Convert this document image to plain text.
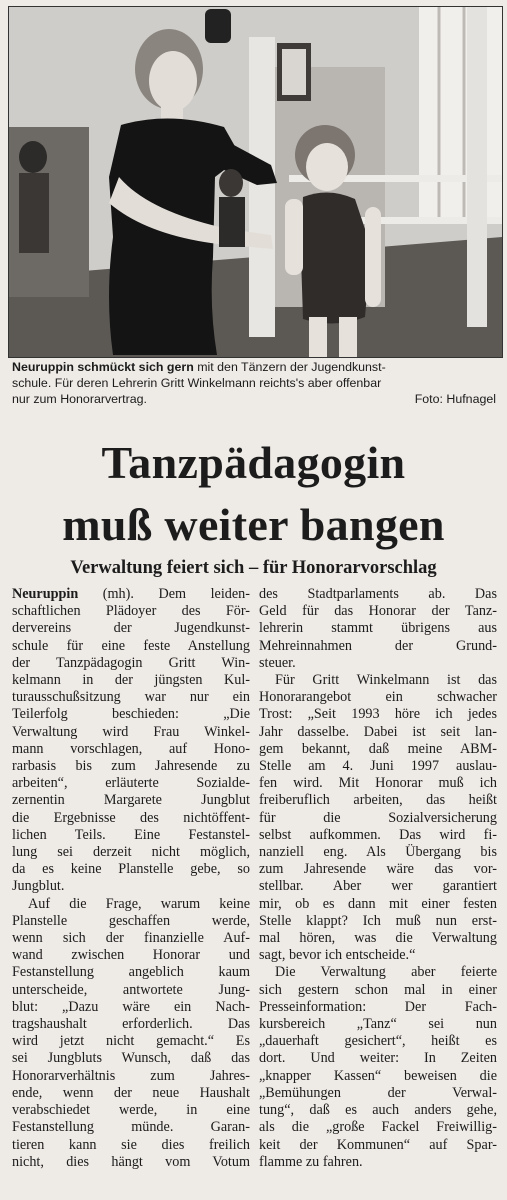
Neuruppin schmückt sich gern mit den Tänzern der Jugendkunst-
schule. Für deren Lehrerin Gritt Winkelmann reichts's aber offenbar
nur zum Honorarvertrag.	Foto: Hufnagel
Tanzpädagogin
muß weiter bangen
Verwaltung feiert sich – für Honorarvorschlag
Neuruppin (mh). Dem leiden-
schaftlichen Plädoyer des För-
dervereins der Jugendkunst-
schule für eine feste Anstellung
der Tanzpädagogin Gritt Win-
kelmann in der jüngsten Kul-
turausschußsitzung war nur ein
Teilerfolg beschieden: „Die
Verwaltung wird Frau Winkel-
mann vorschlagen, auf Hono-
rarbasis bis zum Jahresende zu
arbeiten“, erläuterte Sozialde-
zernentin Margarete Jungblut
die Ergebnisse des nichtöffent-
lichen Teils. Eine Festanstel-
lung sei derzeit nicht möglich,
da es keine Planstelle gebe, so
Jungblut.
Auf die Frage, warum keine
Planstelle geschaffen werde,
wenn sich der finanzielle Auf-
wand zwischen Honorar und
Festanstellung angeblich kaum
unterscheide, antwortete Jung-
blut: „Dazu wäre ein Nach-
tragshaushalt erforderlich. Das
wird jetzt nicht gemacht.“ Es
sei Jungbluts Wunsch, daß das
Honorarverhältnis zum Jahres-
ende, wenn der neue Haushalt
verabschiedet werde, in eine
Festanstellung münde. Garan-
tieren kann sie dies freilich
nicht, dies hängt vom Votum
des Stadtparlaments ab. Das
Geld für das Honorar der Tanz-
lehrerin stammt übrigens aus
Mehreinnahmen der Grund-
steuer.
Für Gritt Winkelmann ist das
Honorarangebot ein schwacher
Trost: „Seit 1993 höre ich jedes
Jahr dasselbe. Dabei ist seit lan-
gem bekannt, daß meine ABM-
Stelle am 4. Juni 1997 auslau-
fen wird. Mit Honorar muß ich
freiberuflich arbeiten, das heißt
für die Sozialversicherung
selbst aufkommen. Das wird fi-
nanziell eng. Als Übergang bis
zum Jahresende wäre das vor-
stellbar. Aber wer garantiert
mir, ob es dann mit einer festen
Stelle klappt? Ich muß nun erst-
mal hören, was die Verwaltung
sagt, bevor ich entscheide.“
Die Verwaltung aber feierte
sich gestern schon mal in einer
Presseinformation: Der Fach-
kursbereich „Tanz“ sei nun
„dauerhaft gesichert“, heißt es
dort. Und weiter: In Zeiten
„knapper Kassen“ beweisen die
„Bemühungen der Verwal-
tung“, daß es auch anders gehe,
als die „große Fackel Freiwillig-
keit der Kommunen“ auf Spar-
flamme zu fahren.
